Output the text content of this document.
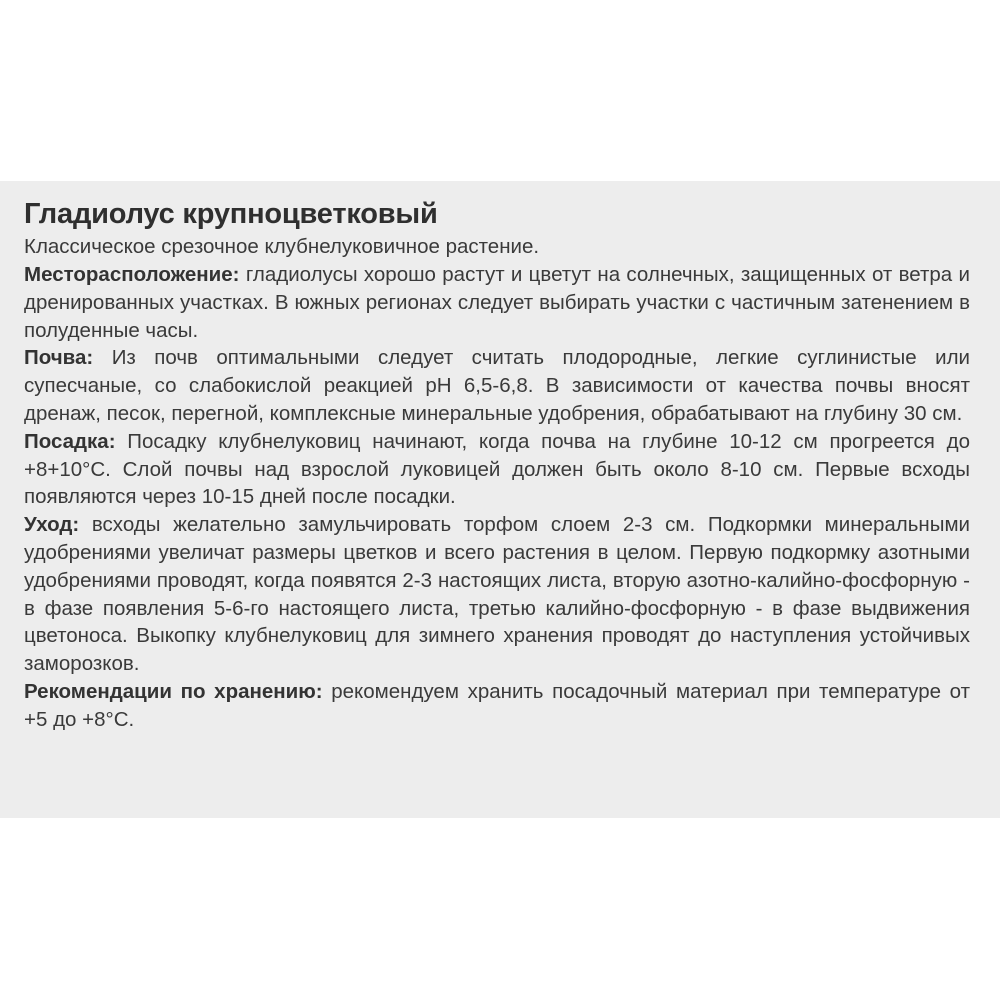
Гладиолус крупноцветковый

Классическое срезочное клубнелуковичное растение.

Месторасположение: гладиолусы хорошо растут и цветут на солнечных, защищенных от ветра и дренированных участках. В южных регионах следует выбирать участки с частичным затенением в полуденные часы.

Почва: Из почв оптимальными следует считать плодородные, легкие суглинистые или супесчаные, со слабокислой реакцией pH 6,5-6,8. В зависимости от качества почвы вносят дренаж, песок, перегной, комплексные минеральные удобрения, обрабатывают на глубину 30 см.

Посадка: Посадку клубнелуковиц начинают, когда почва на глубине 10-12 см прогреется до +8+10°С. Слой почвы над взрослой луковицей должен быть около 8-10 см. Первые всходы появляются через 10-15 дней после посадки.

Уход: всходы желательно замульчировать торфом слоем 2-3 см. Подкормки минеральными удобрениями увеличат размеры цветков и всего растения в целом. Первую подкормку азотными удобрениями проводят, когда появятся 2-3 настоящих листа, вторую азотно-калийно-фосфорную - в фазе появления 5-6-го настоящего листа, третью калийно-фосфорную - в фазе выдвижения цветоноса. Выкопку клубнелуковиц для зимнего хранения проводят до наступления устойчивых заморозков.

Рекомендации по хранению: рекомендуем хранить посадочный материал при температуре от +5 до +8°С.
